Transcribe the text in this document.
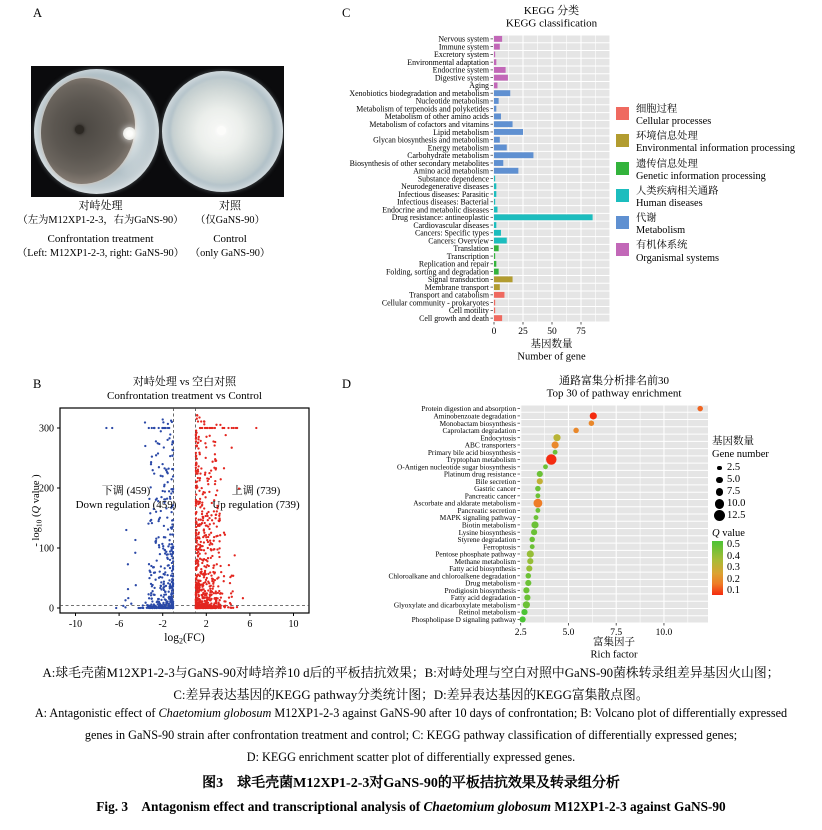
A
对峙处理
（左为M12XP1-2-3，右为GaNS-90）
Confrontation treatment
（Left: M12XP1-2-3, right: GaNS-90）
对照
（仅GaNS-90）
Control
（only GaNS-90）
C	KEGG 分类
KEGG classification
Nervous system
Immune system
Excretory system
Environmental adaptation
Endocrine system
Digestive system
Aging
Xenobiotics biodegradation and metabolism
Nucleotide metabolism
Metabolism of terpenoids and polyketides
Metabolism of other amino acids
Metabolism of cofactors and vitamins
Lipid metabolism
Glycan biosynthesis and metabolism
Energy metabolism
Carbohydrate metabolism
Biosynthesis of other secondary metabolites
Amino acid metabolism
Substance dependence
Neurodegenerative diseases
Infectious diseases: Parasitic
Infectious diseases: Bacterial
Endocrine and metabolic diseases
Drug resistance: antineoplastic
Cardiovascular diseases
Cancers: Specific types
Cancers: Overview
Translation
Transcription
Replication and repair
Folding, sorting and degradation
Signal transduction
Membrane transport
Transport and catabolism
Cellular community - prokaryotes
Cell motility
Cell growth and death
0 25 50 75
基因数量
Number of gene
细胞过程
Cellular processes
环境信息处理
Environmental information processing
遗传信息处理
Genetic information processing
人类疾病相关通路
Human diseases
代谢
Metabolism
有机体系统
Organismal systems
B	对峙处理 vs 空白对照
Confrontation treatment vs Control
下调 (459)
Down regulation (459)
上调 (739)
Up regulation (739)
-10	-6	-2	2	6	10
0
100
200
300
$\log_2(FC)$
- $\log_{10} (Q$ value )
D	通路富集分析排名前30
Top 30 of pathway enrichment
Protein digestion and absorption
Aminobenzoate degradation
Monobactam biosynthesis
Caprolactam degradation
Endocytosis
ABC transporters
Primary bile acid biosynthesis
Tryptophan metabolism
O-Antigen nucleotide sugar biosynthesis
Platinum drug resistance
Bile secretion
Gastric cancer
Pancreatic cancer
Ascorbate and aldarate metabolism
Pancreatic secretion
MAPK signaling pathway
Biotin metabolism
Lysine biosynthesis
Styrene degradation
Ferroptosis
Pentose phosphate pathway
Methane metabolism
Fatty acid biosynthesis
Chloroalkane and chloroalkene degradation
Drug metabolism
Prodigiosin biosynthesis
Fatty acid degradation
Glyoxylate and dicarboxylate metabolism
Retinol metabolism
Phospholipase D signaling pathway
2.5	5.0	7.5	10.0
富集因子
Rich factor
基因数量
Gene number
2.5
5.0
7.5
10.0
12.5
Q value
0.5
0.4
0.3
0.2
0.1
A:球毛壳菌M12XP1-2-3与GaNS-90对峙培养10 d后的平板拮抗效果；B:对峙处理与空白对照中GaNS-90菌株转录组差异基因火山图；
C:差异表达基因的KEGG pathway分类统计图；D:差异表达基因的KEGG富集散点图。
A: Antagonistic effect of Chaetomium globosum M12XP1-2-3 against GaNS-90 after 10 days of confrontation; B: Volcano plot of differentially expressed
genes in GaNS-90 strain after confrontation treatment and control; C: KEGG pathway classification of differentially expressed genes;
D: KEGG enrichment scatter plot of differentially expressed genes.
图3　球毛壳菌M12XP1-2-3对GaNS-90的平板拮抗效果及转录组分析
Fig. 3　Antagonism effect and transcriptional analysis of Chaetomium globosum M12XP1-2-3 against GaNS-90
